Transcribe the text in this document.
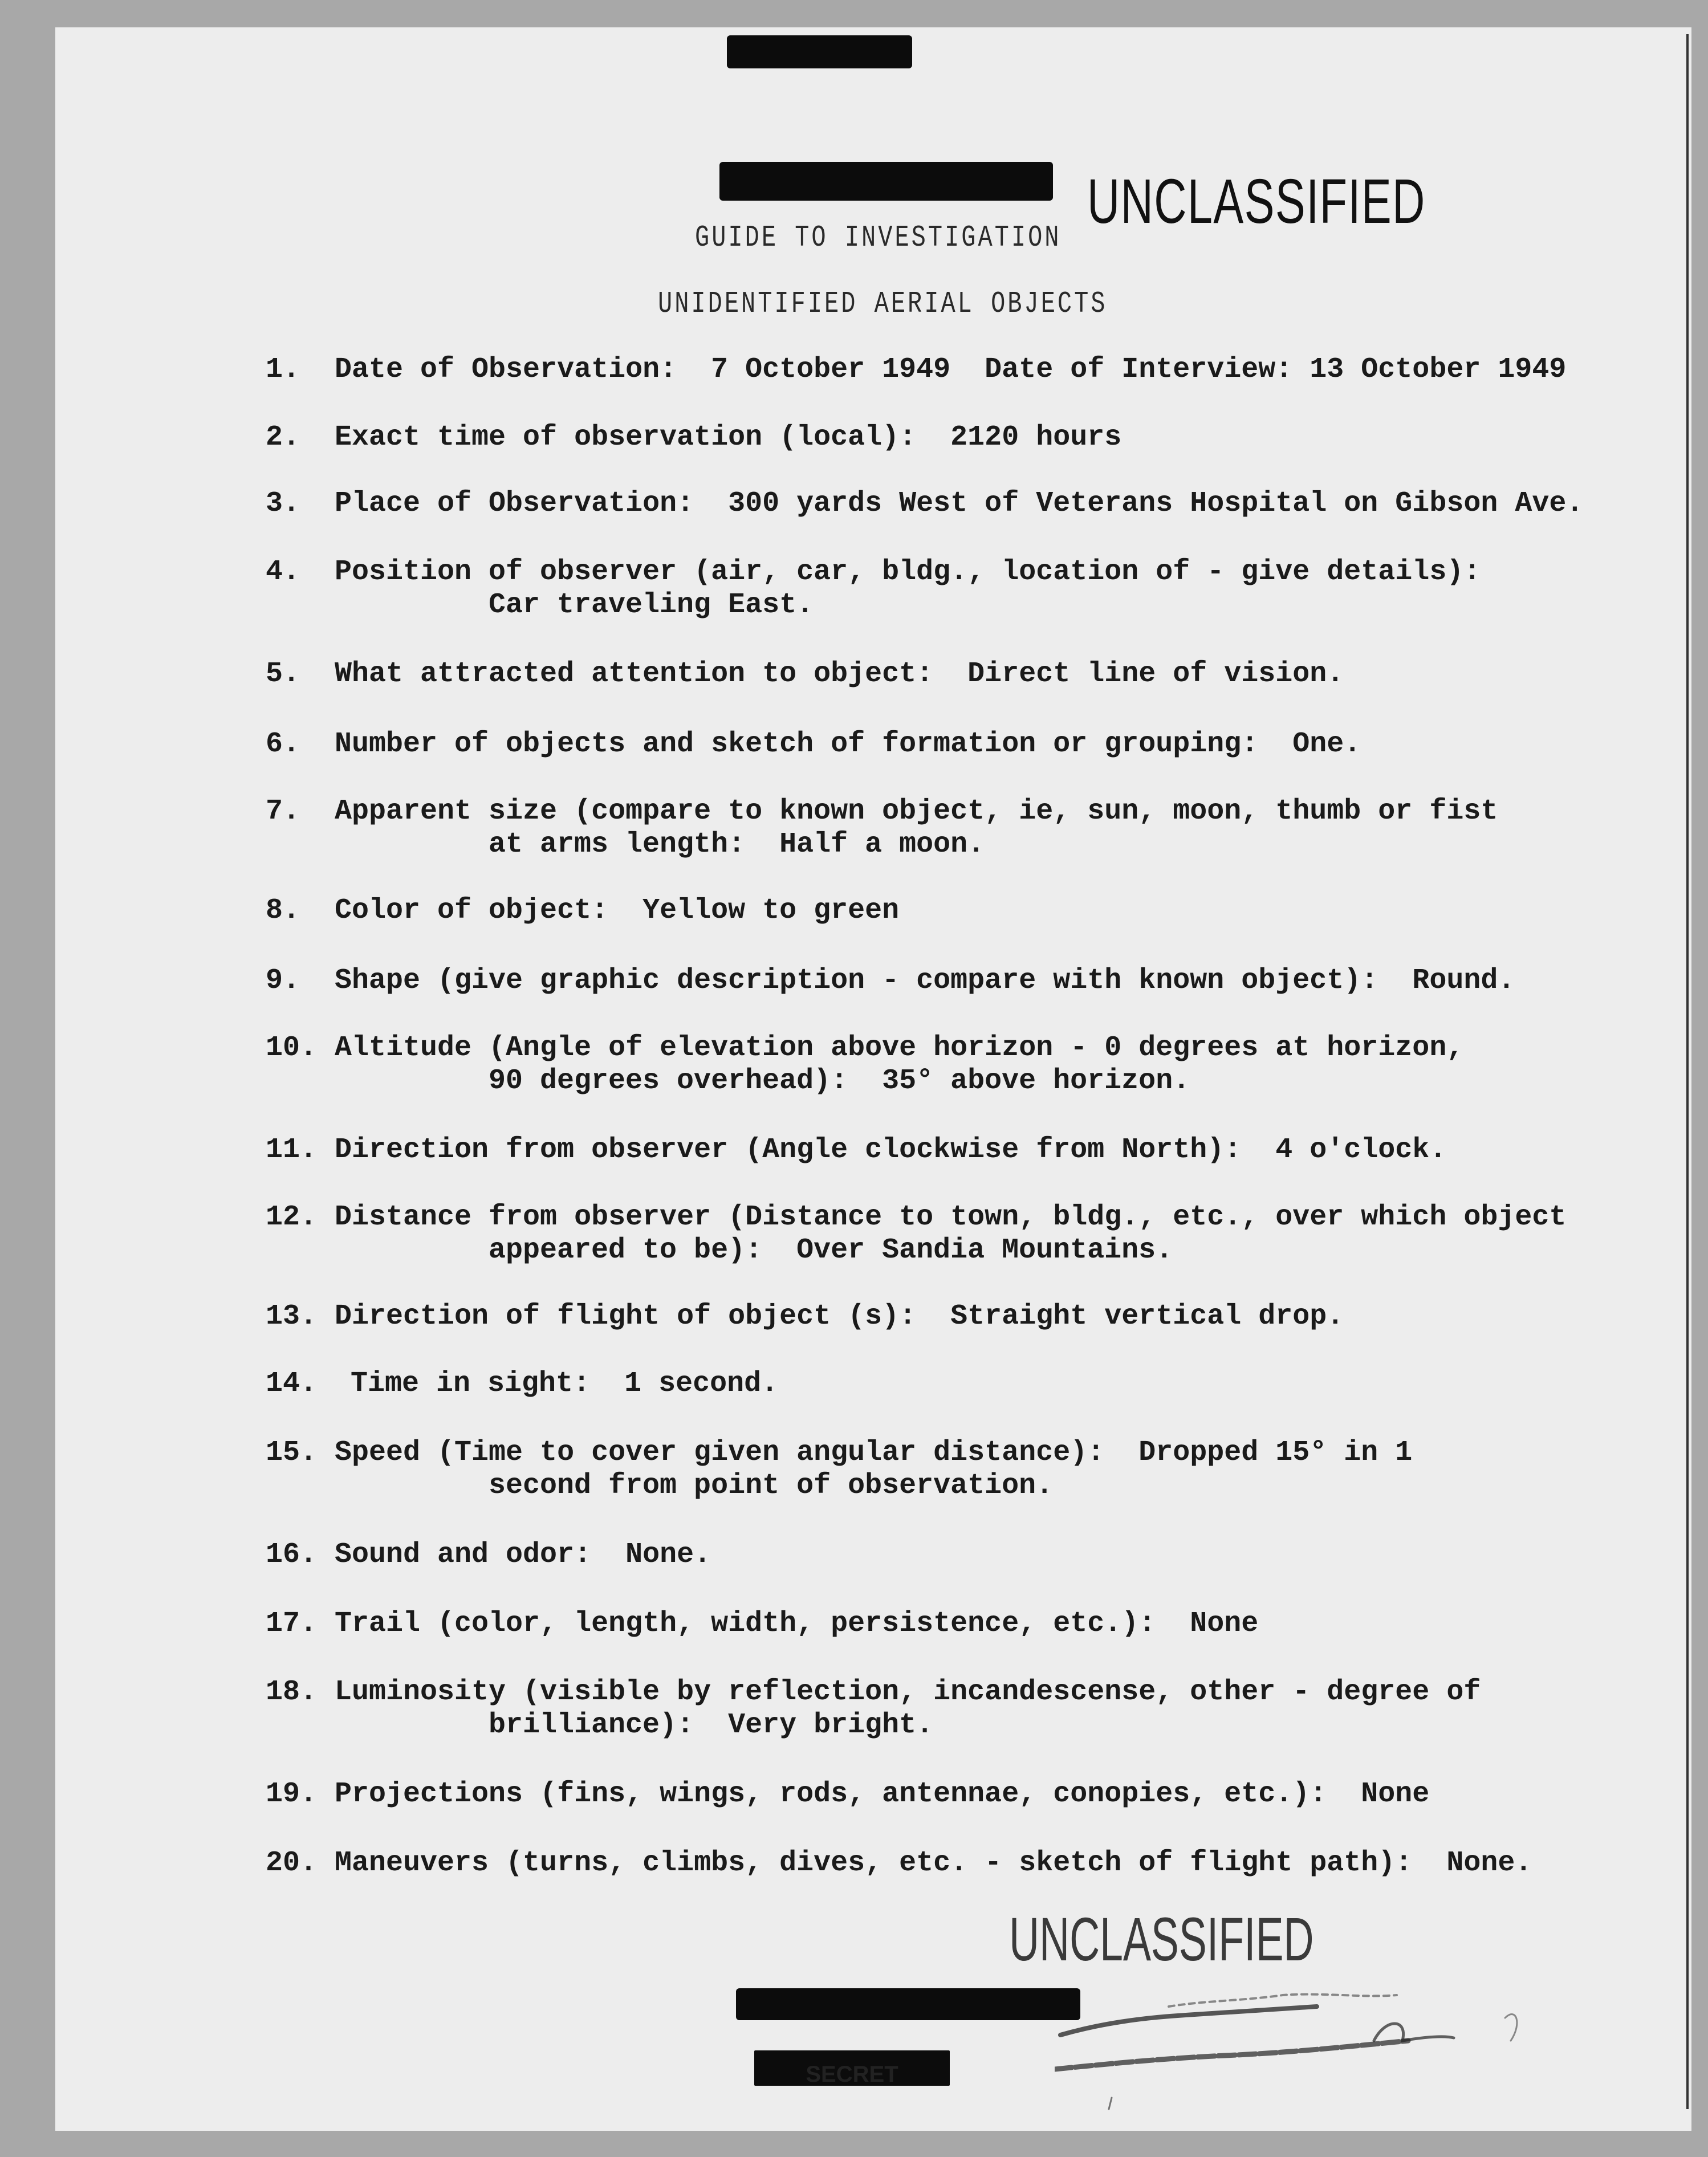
UNCLASSIFIED
GUIDE TO INVESTIGATION
UNIDENTIFIED AERIAL OBJECTS
1. Date of Observation:  7 October 1949  Date of Interview: 13 October 1949
2. Exact time of observation (local):  2120 hours
3. Place of Observation:  300 yards West of Veterans Hospital on Gibson Ave.
4. Position of observer (air, car, bldg., location of - give details):
Car traveling East.
5. What attracted attention to object:  Direct line of vision.
6. Number of objects and sketch of formation or grouping:  One.
7. Apparent size (compare to known object, ie, sun, moon, thumb or fist
at arms length:  Half a moon.
8. Color of object:  Yellow to green
9. Shape (give graphic description - compare with known object):  Round.
10. Altitude (Angle of elevation above horizon - 0 degrees at horizon,
90 degrees overhead):  35° above horizon.
11. Direction from observer (Angle clockwise from North):  4 o'clock.
12. Distance from observer (Distance to town, bldg., etc., over which object
appeared to be):  Over Sandia Mountains.
13. Direction of flight of object (s):  Straight vertical drop.
14. Time in sight:  1 second.
15. Speed (Time to cover given angular distance):  Dropped 15° in 1
second from point of observation.
16. Sound and odor:  None.
17. Trail (color, length, width, persistence, etc.):  None
18. Luminosity (visible by reflection, incandescense, other - degree of
brilliance):  Very bright.
19. Projections (fins, wings, rods, antennae, conopies, etc.):  None
20. Maneuvers (turns, climbs, dives, etc. - sketch of flight path):  None.
UNCLASSIFIED
SECRET
